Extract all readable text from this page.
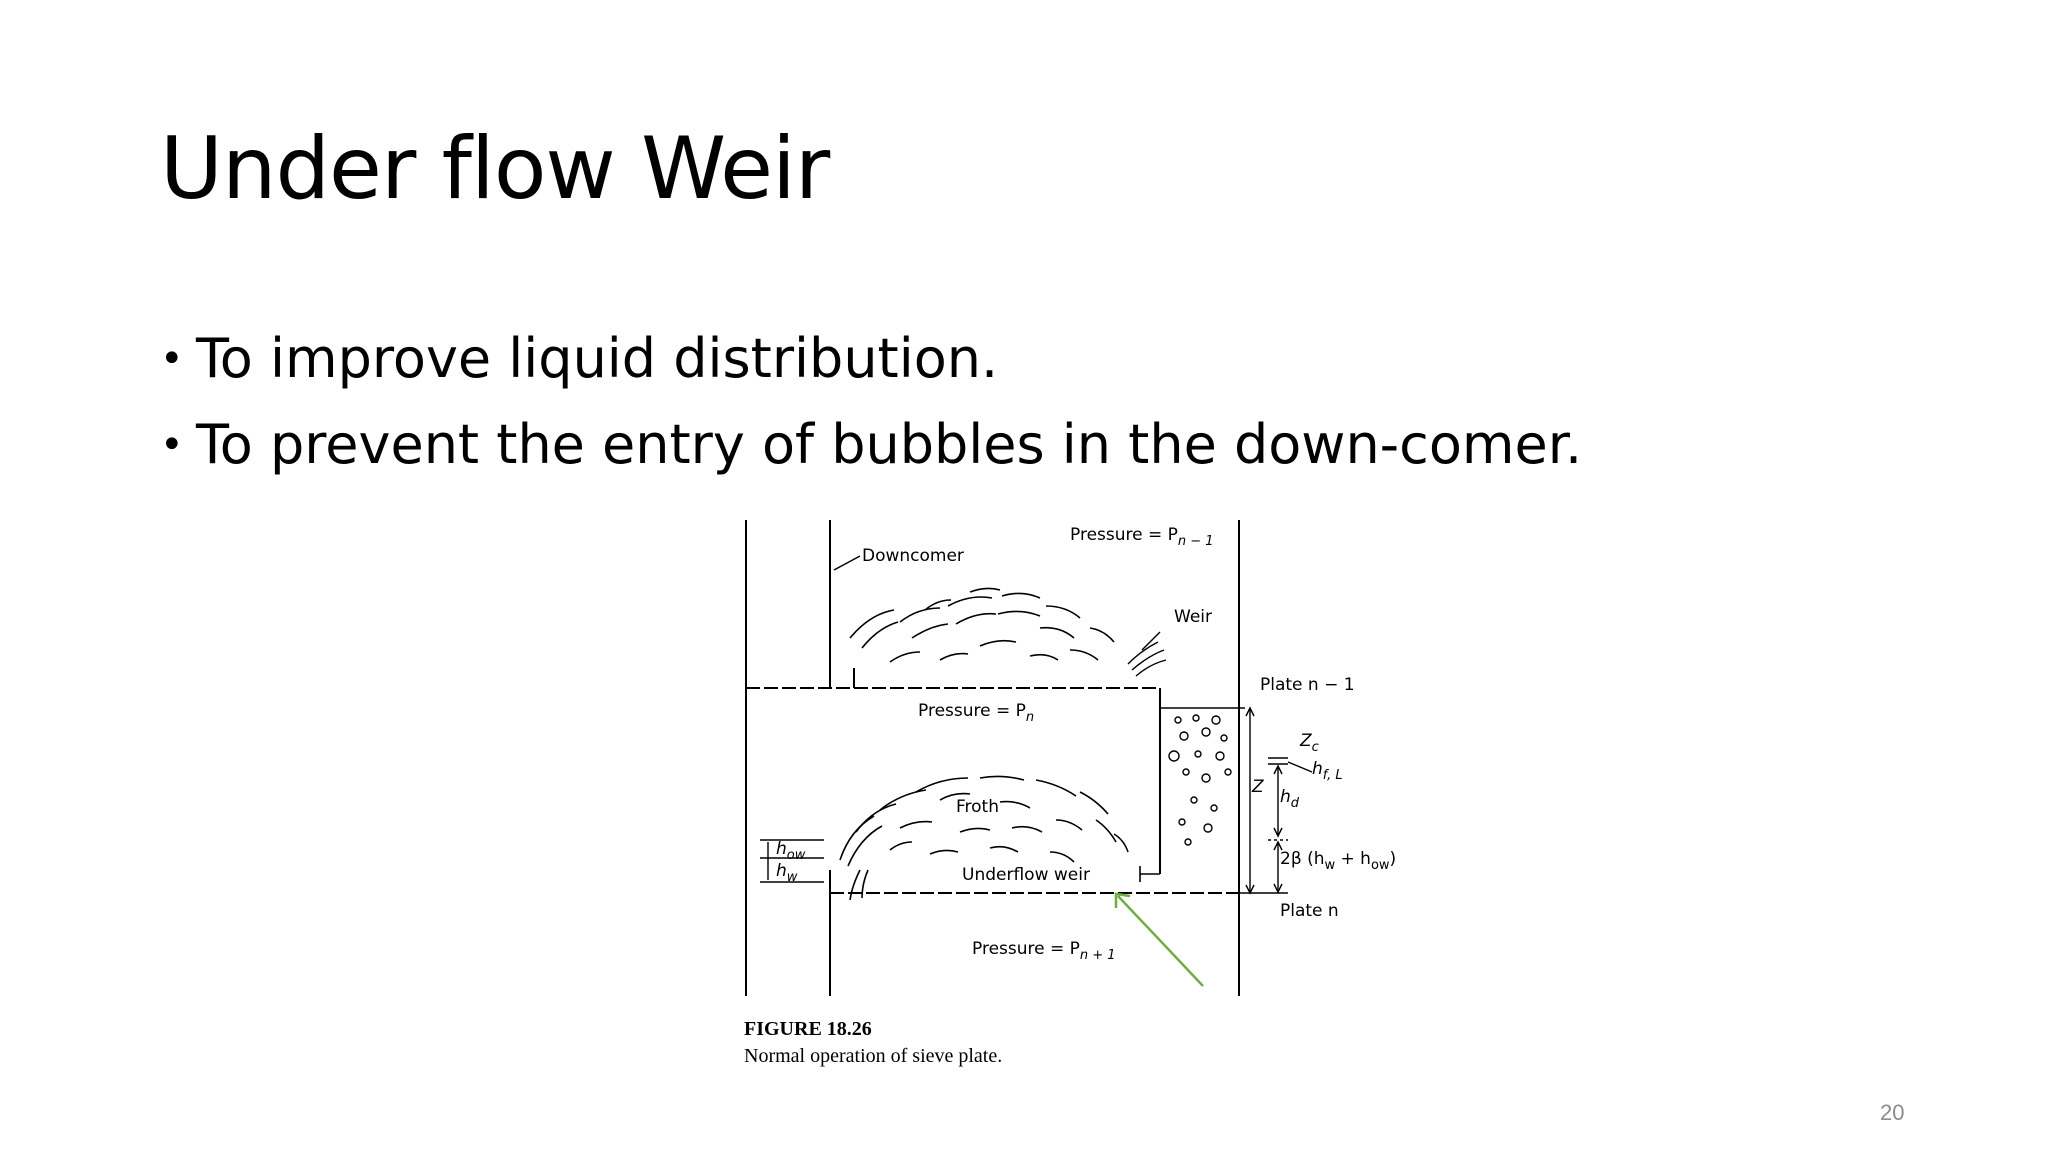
Under flow Weir
• To improve liquid distribution.
• To prevent the entry of bubbles in the down-comer.
Pressure = $P_{n - 1}$
Downcomer
Weir
Plate n − 1
Pressure = $P_n$
Froth
$Z_c$
$h_{f, L}$
Z $h_d$
2β $(h_w + h_{ow})$
$h_{ow}$
$h_w$	Underflow weir
Plate n
Pressure = $P_{n + 1}$
FIGURE 18.26
Normal operation of sieve plate.
20
